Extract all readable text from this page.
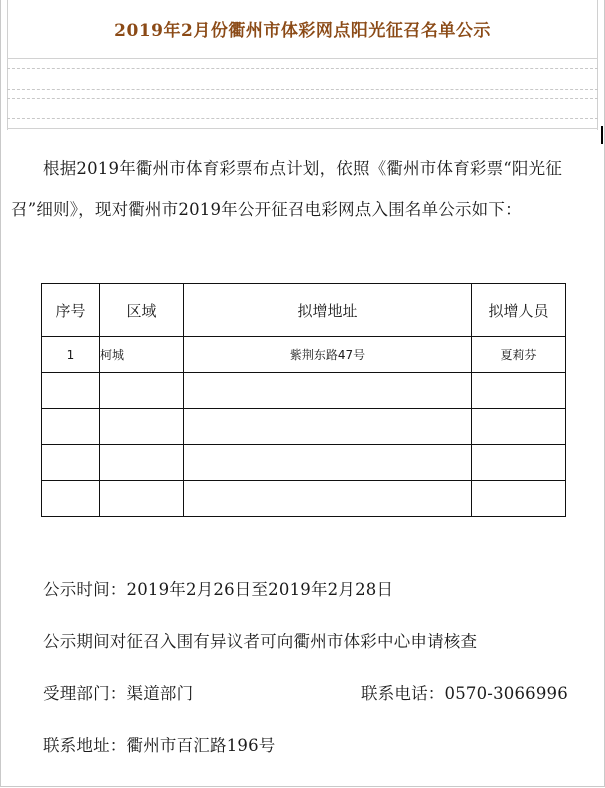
2019年2月份衢州市体彩网点阳光征召名单公示

根据2019年衢州市体育彩票布点计划，依照《衢州市体育彩票“阳光征召”细则》，现对衢州市2019年公开征召电彩网点入围名单公示如下：

序号	区域	拟增地址	拟增人员
1	柯城	紫荆东路47号	夏莉芬

公示时间：2019年2月26日至2019年2月28日
公示期间对征召入围有异议者可向衢州市体彩中心申请核查
受理部门：渠道部门	联系电话：0570-3066996
联系地址：衢州市百汇路196号
